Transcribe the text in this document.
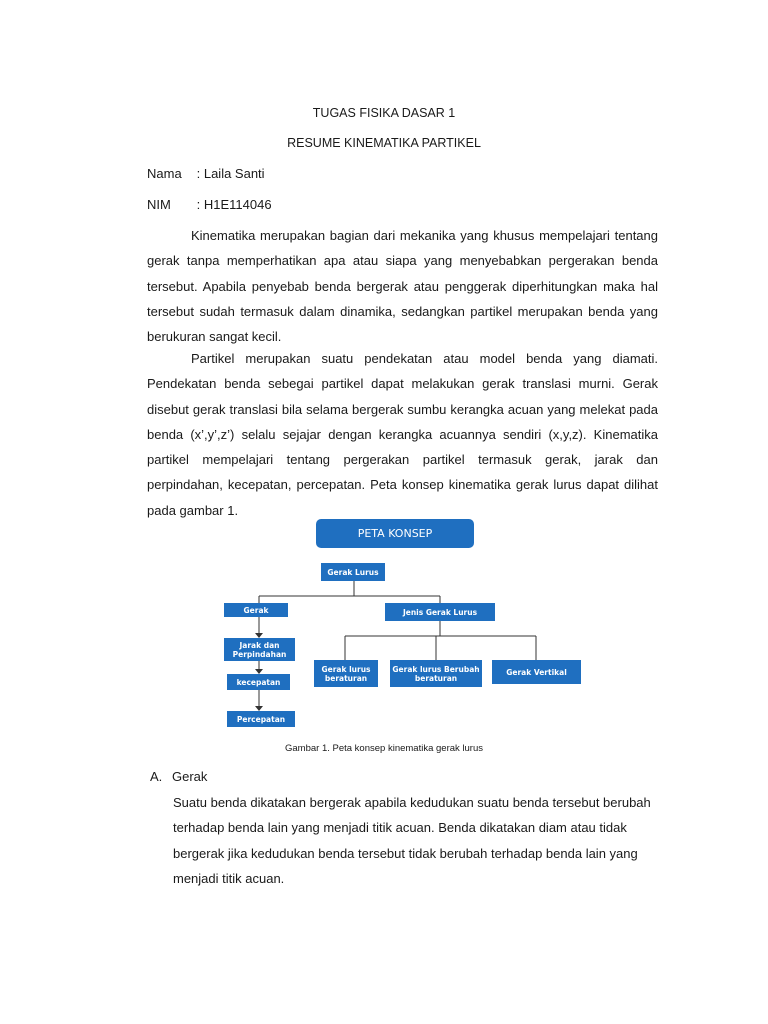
TUGAS FISIKA DASAR 1
RESUME KINEMATIKA PARTIKEL
Nama : Laila Santi
NIM : H1E114046

Kinematika merupakan bagian dari mekanika yang khusus mempelajari tentang gerak tanpa memperhatikan apa atau siapa yang menyebabkan pergerakan benda tersebut. Apabila penyebab benda bergerak atau penggerak diperhitungkan maka hal tersebut sudah termasuk dalam dinamika, sedangkan partikel merupakan benda yang berukuran sangat kecil.

Partikel merupakan suatu pendekatan atau model benda yang diamati. Pendekatan benda sebegai partikel dapat melakukan gerak translasi murni. Gerak disebut gerak translasi bila selama bergerak sumbu kerangka acuan yang melekat pada benda (x’,y’,z’) selalu sejajar dengan kerangka acuannya sendiri (x,y,z). Kinematika partikel mempelajari tentang pergerakan partikel termasuk gerak, jarak dan perpindahan, kecepatan, percepatan. Peta konsep kinematika gerak lurus dapat dilihat pada gambar 1.

PETA KONSEP
Gerak Lurus
Gerak	Jenis Gerak Lurus
Jarak dan Perpindahan
kecepatan
Percepatan
Gerak lurus beraturan
Gerak lurus Berubah beraturan
Gerak Vertikal
Gambar 1. Peta konsep kinematika gerak lurus
A. Gerak

Suatu benda dikatakan bergerak apabila kedudukan suatu benda tersebut berubah terhadap benda lain yang menjadi titik acuan. Benda dikatakan diam atau tidak bergerak jika kedudukan benda tersebut tidak berubah terhadap benda lain yang menjadi titik acuan.
